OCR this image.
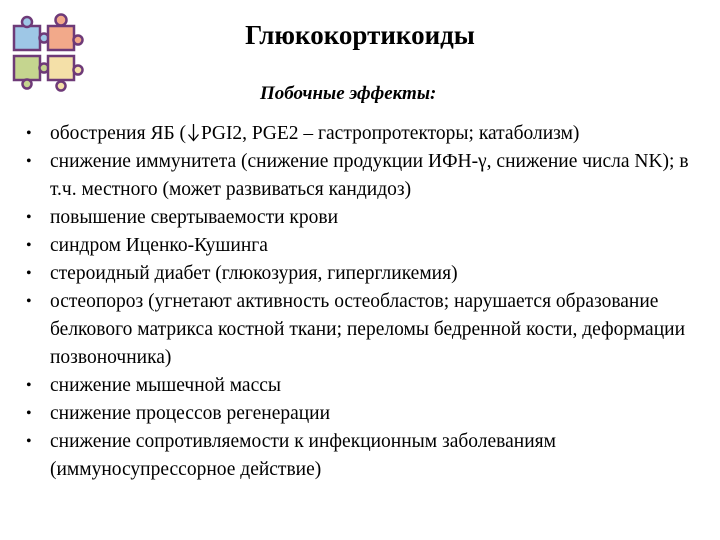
Глюкокортикоиды
Побочные эффекты:
• обострения ЯБ ( PGI2, PGE2 – гастропротекторы; катаболизм)
• снижение иммунитета (снижение продукции ИФН-γ, снижение числа NK); в т.ч. местного (может развиваться кандидоз)
• повышение свертываемости крови
• синдром Иценко-Кушинга
• стероидный диабет (глюкозурия, гипергликемия)
• остеопороз (угнетают активность остеобластов; нарушается образование белкового матрикса костной ткани; переломы бедренной кости, деформации позвоночника)
• снижение мышечной массы
• снижение процессов регенерации
• снижение сопротивляемости к инфекционным заболеваниям (иммуносупрессорное действие)
